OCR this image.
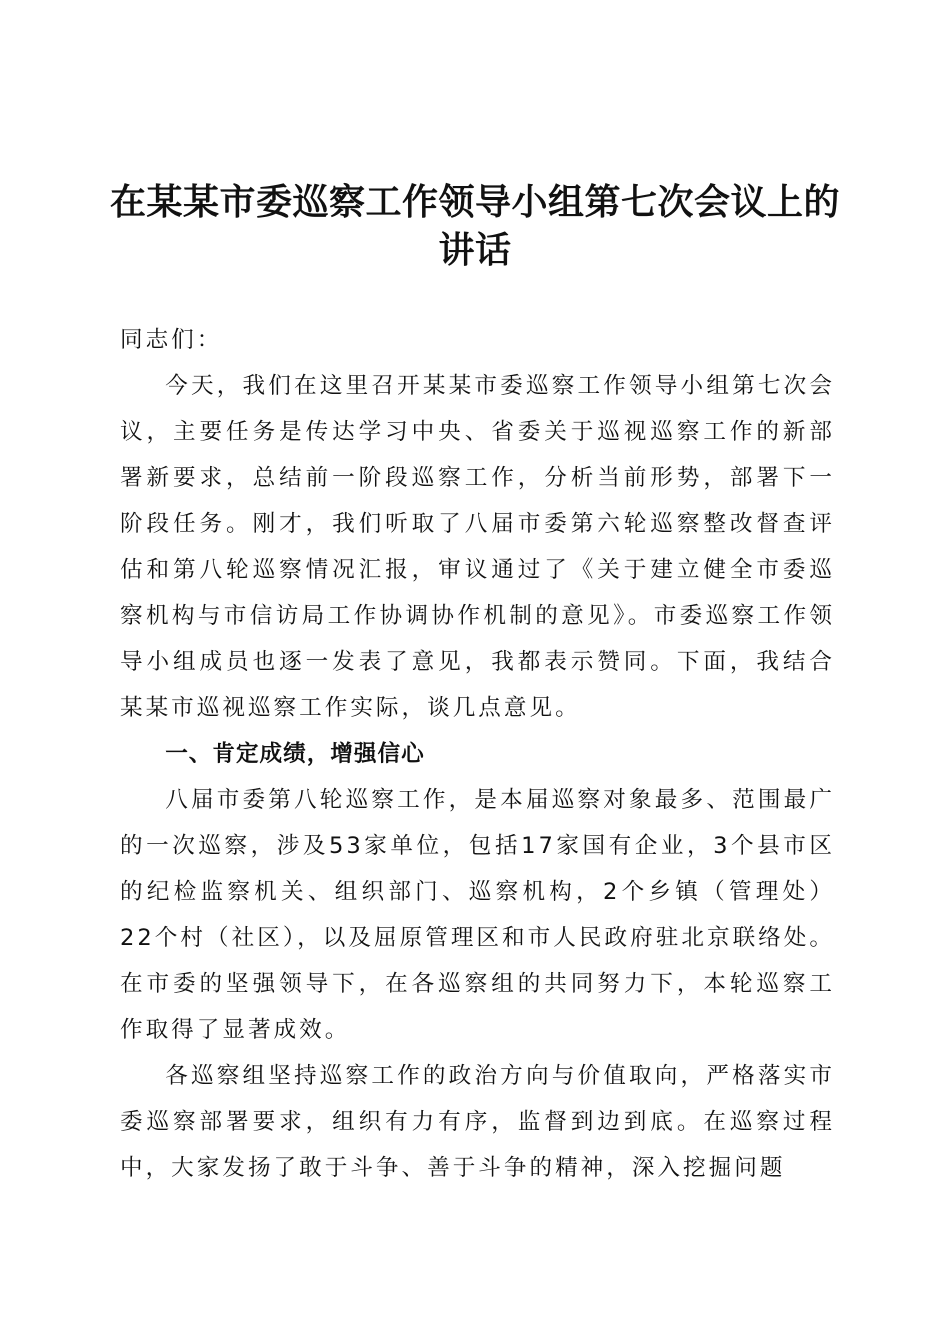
在某某市委巡察工作领导小组第七次会议上的讲话

同志们：

今天，我们在这里召开某某市委巡察工作领导小组第七次会议，主要任务是传达学习中央、省委关于巡视巡察工作的新部署新要求，总结前一阶段巡察工作，分析当前形势，部署下一阶段任务。刚才，我们听取了八届市委第六轮巡察整改督查评估和第八轮巡察情况汇报，审议通过了《关于建立健全市委巡察机构与市信访局工作协调协作机制的意见》。市委巡察工作领导小组成员也逐一发表了意见，我都表示赞同。下面，我结合某某市巡视巡察工作实际，谈几点意见。

一、肯定成绩，增强信心

八届市委第八轮巡察工作，是本届巡察对象最多、范围最广的一次巡察，涉及53家单位，包括17家国有企业，3个县市区的纪检监察机关、组织部门、巡察机构，2个乡镇（管理处）22个村（社区），以及屈原管理区和市人民政府驻北京联络处。在市委的坚强领导下，在各巡察组的共同努力下，本轮巡察工作取得了显著成效。

各巡察组坚持巡察工作的政治方向与价值取向，严格落实市委巡察部署要求，组织有力有序，监督到边到底。在巡察过程中，大家发扬了敢于斗争、善于斗争的精神，深入挖掘问题
